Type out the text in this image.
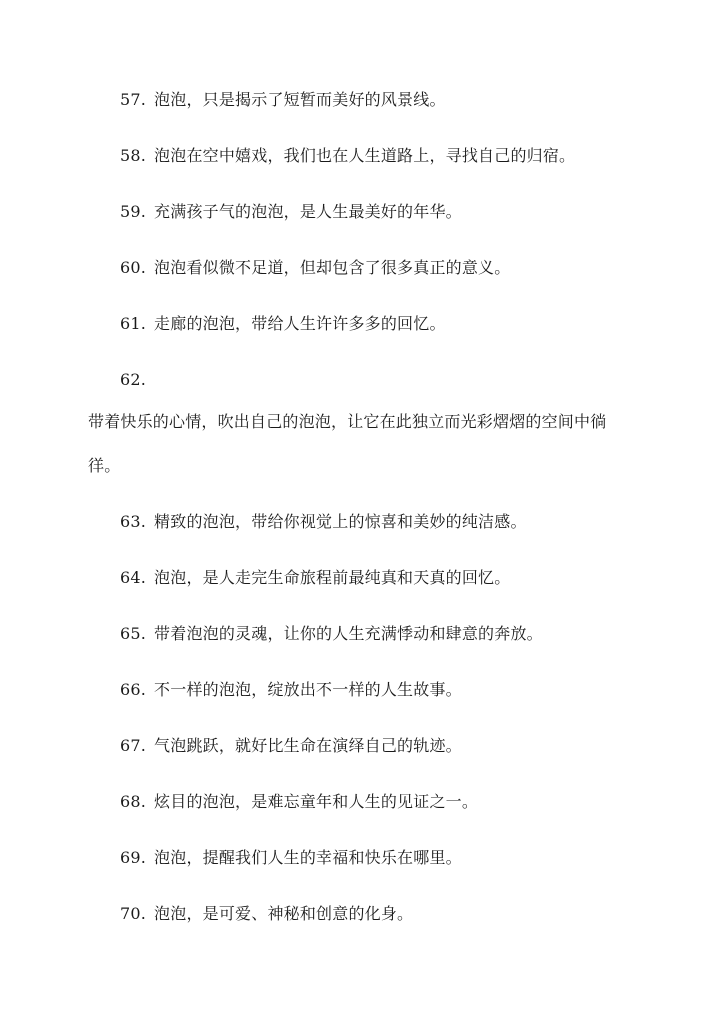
57. 泡泡，只是揭示了短暂而美好的风景线。
58. 泡泡在空中嬉戏，我们也在人生道路上，寻找自己的归宿。
59. 充满孩子气的泡泡，是人生最美好的年华。
60. 泡泡看似微不足道，但却包含了很多真正的意义。
61. 走廊的泡泡，带给人生许许多多的回忆。
62.
带着快乐的心情，吹出自己的泡泡，让它在此独立而光彩熠熠的空间中徜
徉。
63. 精致的泡泡，带给你视觉上的惊喜和美妙的纯洁感。
64. 泡泡，是人走完生命旅程前最纯真和天真的回忆。
65. 带着泡泡的灵魂，让你的人生充满悸动和肆意的奔放。
66. 不一样的泡泡，绽放出不一样的人生故事。
67. 气泡跳跃，就好比生命在演绎自己的轨迹。
68. 炫目的泡泡，是难忘童年和人生的见证之一。
69. 泡泡，提醒我们人生的幸福和快乐在哪里。
70. 泡泡，是可爱、神秘和创意的化身。
